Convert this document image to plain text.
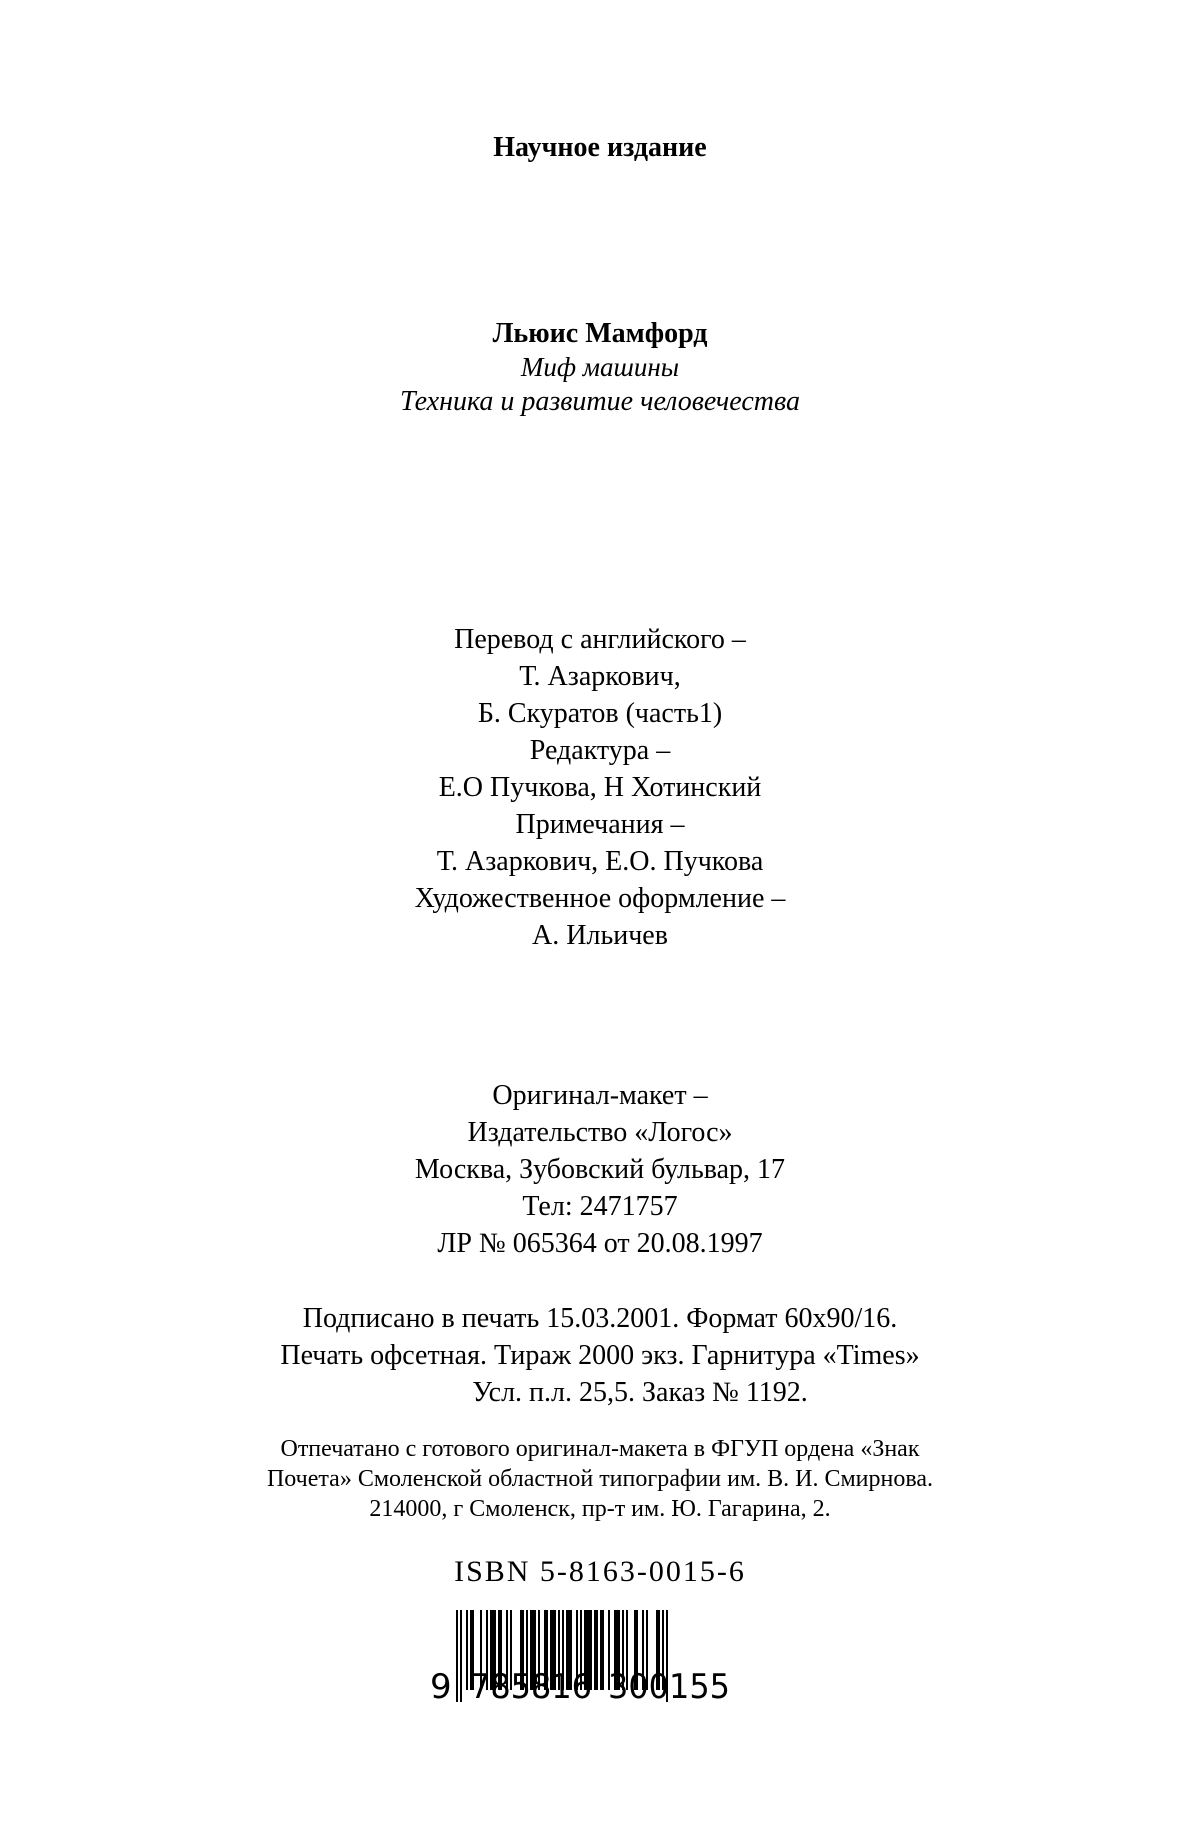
Научное издание
Льюис Мамфорд
Миф машины
Техника и развитие человечества
Перевод с английского –
Т. Азаркович,
Б. Скуратов (часть1)
Редактура –
Е.О Пучкова, Н Хотинский
Примечания –
Т. Азаркович, Е.О. Пучкова
Художественное оформление –
А. Ильичев
Оригинал-макет –
Издательство «Логос»
Москва, Зубовский бульвар, 17
Тел: 2471757
ЛР № 065364 от 20.08.1997
Подписано в печать 15.03.2001. Формат 60x90/16.
Печать офсетная. Тираж 2000 экз. Гарнитура «Times»
Усл. п.л. 25,5. Заказ № 1192.
Отпечатано с готового оригинал-макета в ФГУП ордена «Знак
Почета» Смоленской областной типографии им. В. И. Смирнова.
214000, г Смоленск, пр-т им. Ю. Гагарина, 2.
ISBN 5-8163-0015-6
9 785816 300155
